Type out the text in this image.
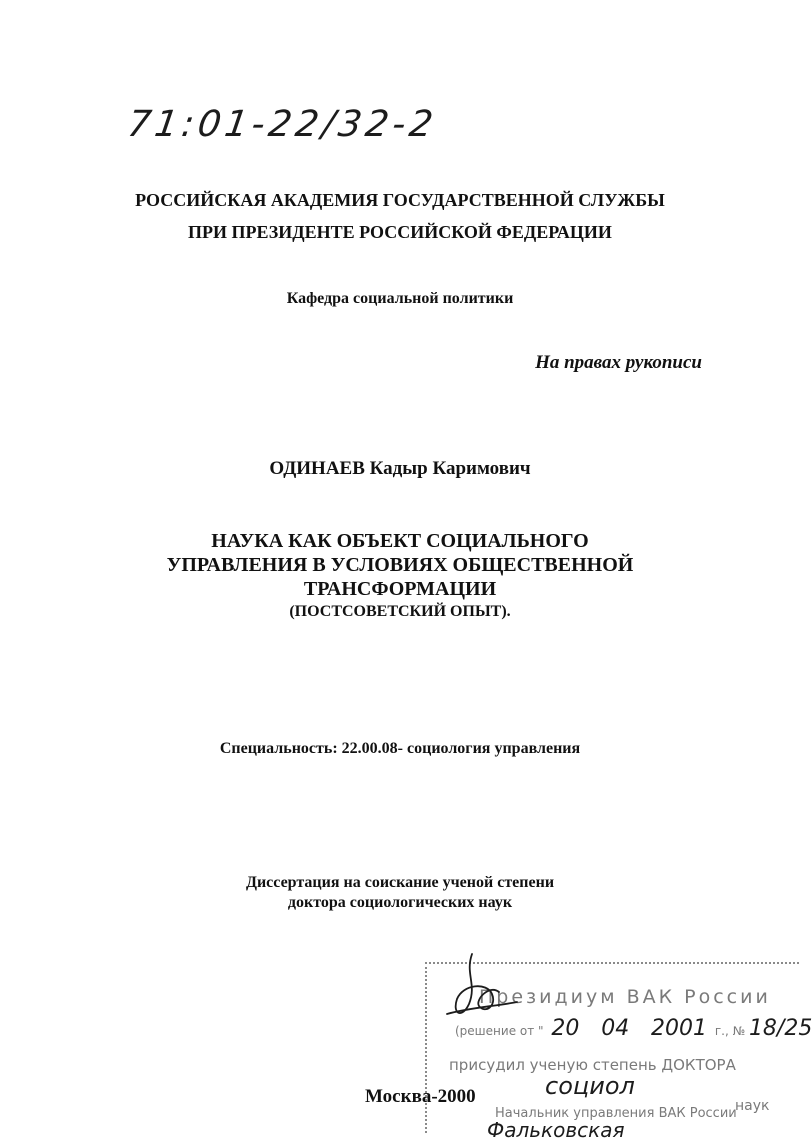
71:01-22/32-2
РОССИЙСКАЯ АКАДЕМИЯ ГОСУДАРСТВЕННОЙ СЛУЖБЫ
ПРИ ПРЕЗИДЕНТЕ РОССИЙСКОЙ ФЕДЕРАЦИИ
Кафедра социальной политики
На правах рукописи
ОДИНАЕВ Кадыр Каримович
НАУКА КАК ОБЪЕКТ СОЦИАЛЬНОГО
УПРАВЛЕНИЯ В УСЛОВИЯХ ОБЩЕСТВЕННОЙ
ТРАНСФОРМАЦИИ
(ПОСТСОВЕТСКИЙ ОПЫТ).
Специальность: 22.00.08- социология управления
Диссертация на соискание ученой степени
доктора социологических наук
Москва-2000
Президиум ВАК России
(решение от " 20 04 2001 г., № 18/25
присудил ученую степень ДОКТОРА
социол
наук
Начальник управления ВАК России
Фальковская
